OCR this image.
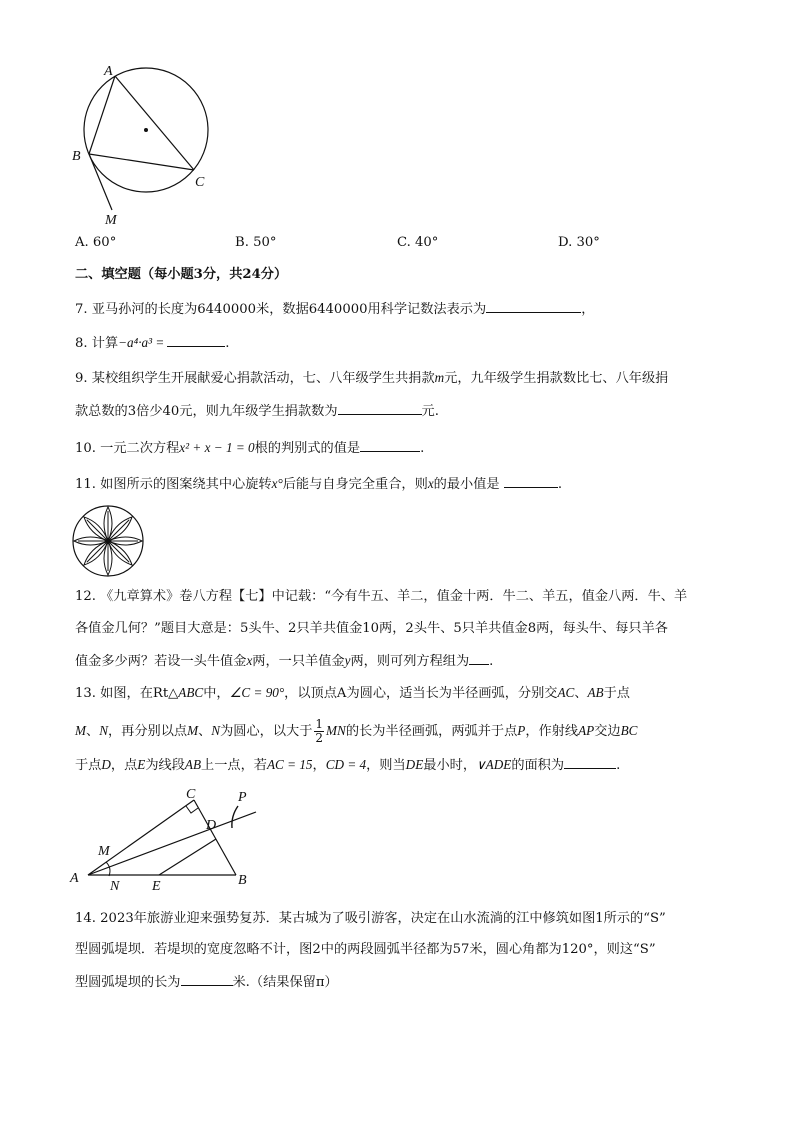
A
B
C
M
A. 60°	B. 50°	C. 40°	D. 30°
二、填空题（每小题3分，共24分）
7. 亚马孙河的长度为6440000米，数据6440000用科学记数法表示为	，
8. 计算−a⁴·a³ =	.
9. 某校组织学生开展献爱心捐款活动，七、八年级学生共捐款m元，九年级学生捐款数比七、八年级捐
款总数的3倍少40元，则九年级学生捐款数为	元.
10. 一元二次方程x² + x − 1 = 0根的判别式的值是	.
11. 如图所示的图案绕其中心旋转x°后能与自身完全重合，则x的最小值是	.
12. 《九章算术》卷八方程【七】中记载：“今有牛五、羊二，值金十两．牛二、羊五，值金八两．牛、羊
各值金几何？”题目大意是：5头牛、2只羊共值金10两，2头牛、5只羊共值金8两，每头牛、每只羊各
值金多少两？若设一头牛值金x两，一只羊值金y两，则可列方程组为 .
13. 如图，在Rt△ABC中，∠C = 90°，以顶点A为圆心，适当长为半径画弧，分别交AC、AB于点
M、N，再分别以点M、N为圆心，以大于 $\frac{1}{2}$ MN的长为半径画弧，两弧并于点P，作射线AP交边BC
于点D，点E为线段AB上一点，若AC = 15，CD = 4，则当DE最小时，∨ADE的面积为	.
A	B
C
D
E
M
N
P
14. 2023年旅游业迎来强势复苏．某古城为了吸引游客，决定在山水流淌的江中修筑如图1所示的“S”
型圆弧堤坝．若堤坝的宽度忽略不计，图2中的两段圆弧半径都为57米，圆心角都为120°，则这“S”
型圆弧堤坝的长为	米.（结果保留π）
